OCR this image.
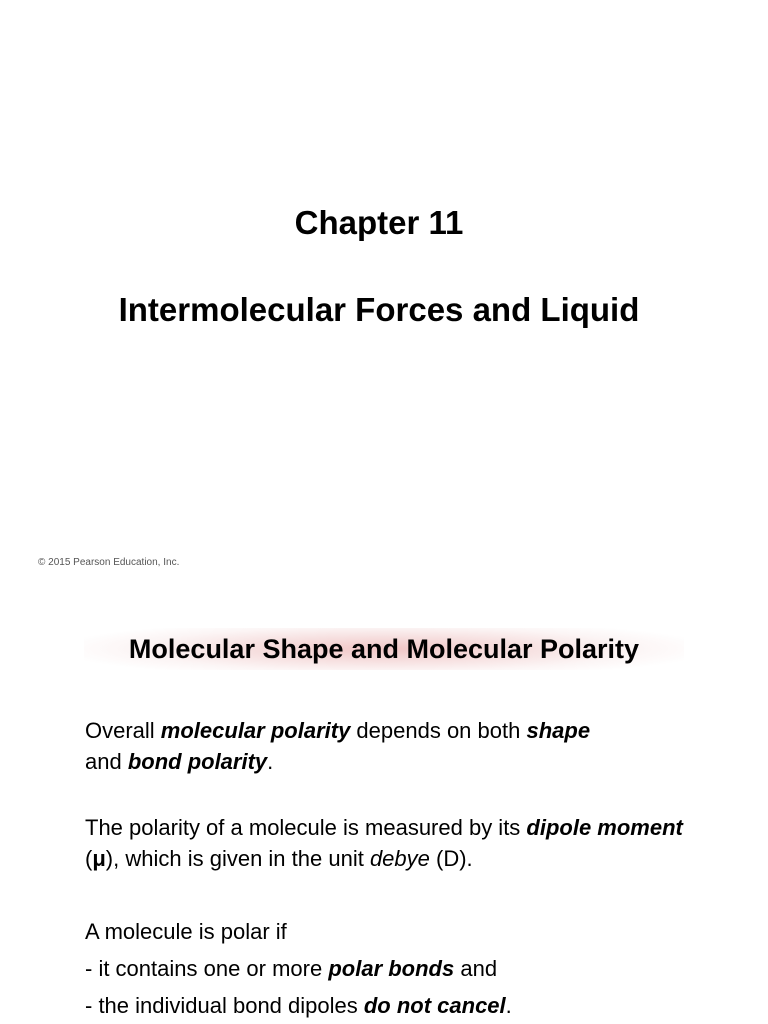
Chapter 11
Intermolecular Forces and Liquid

© 2015 Pearson Education, Inc.

Molecular Shape and Molecular Polarity

Overall molecular polarity depends on both shape
and bond polarity.

The polarity of a molecule is measured by its dipole moment (μ), which is given in the unit debye (D).

A molecule is polar if
- it contains one or more polar bonds and
- the individual bond dipoles do not cancel.
